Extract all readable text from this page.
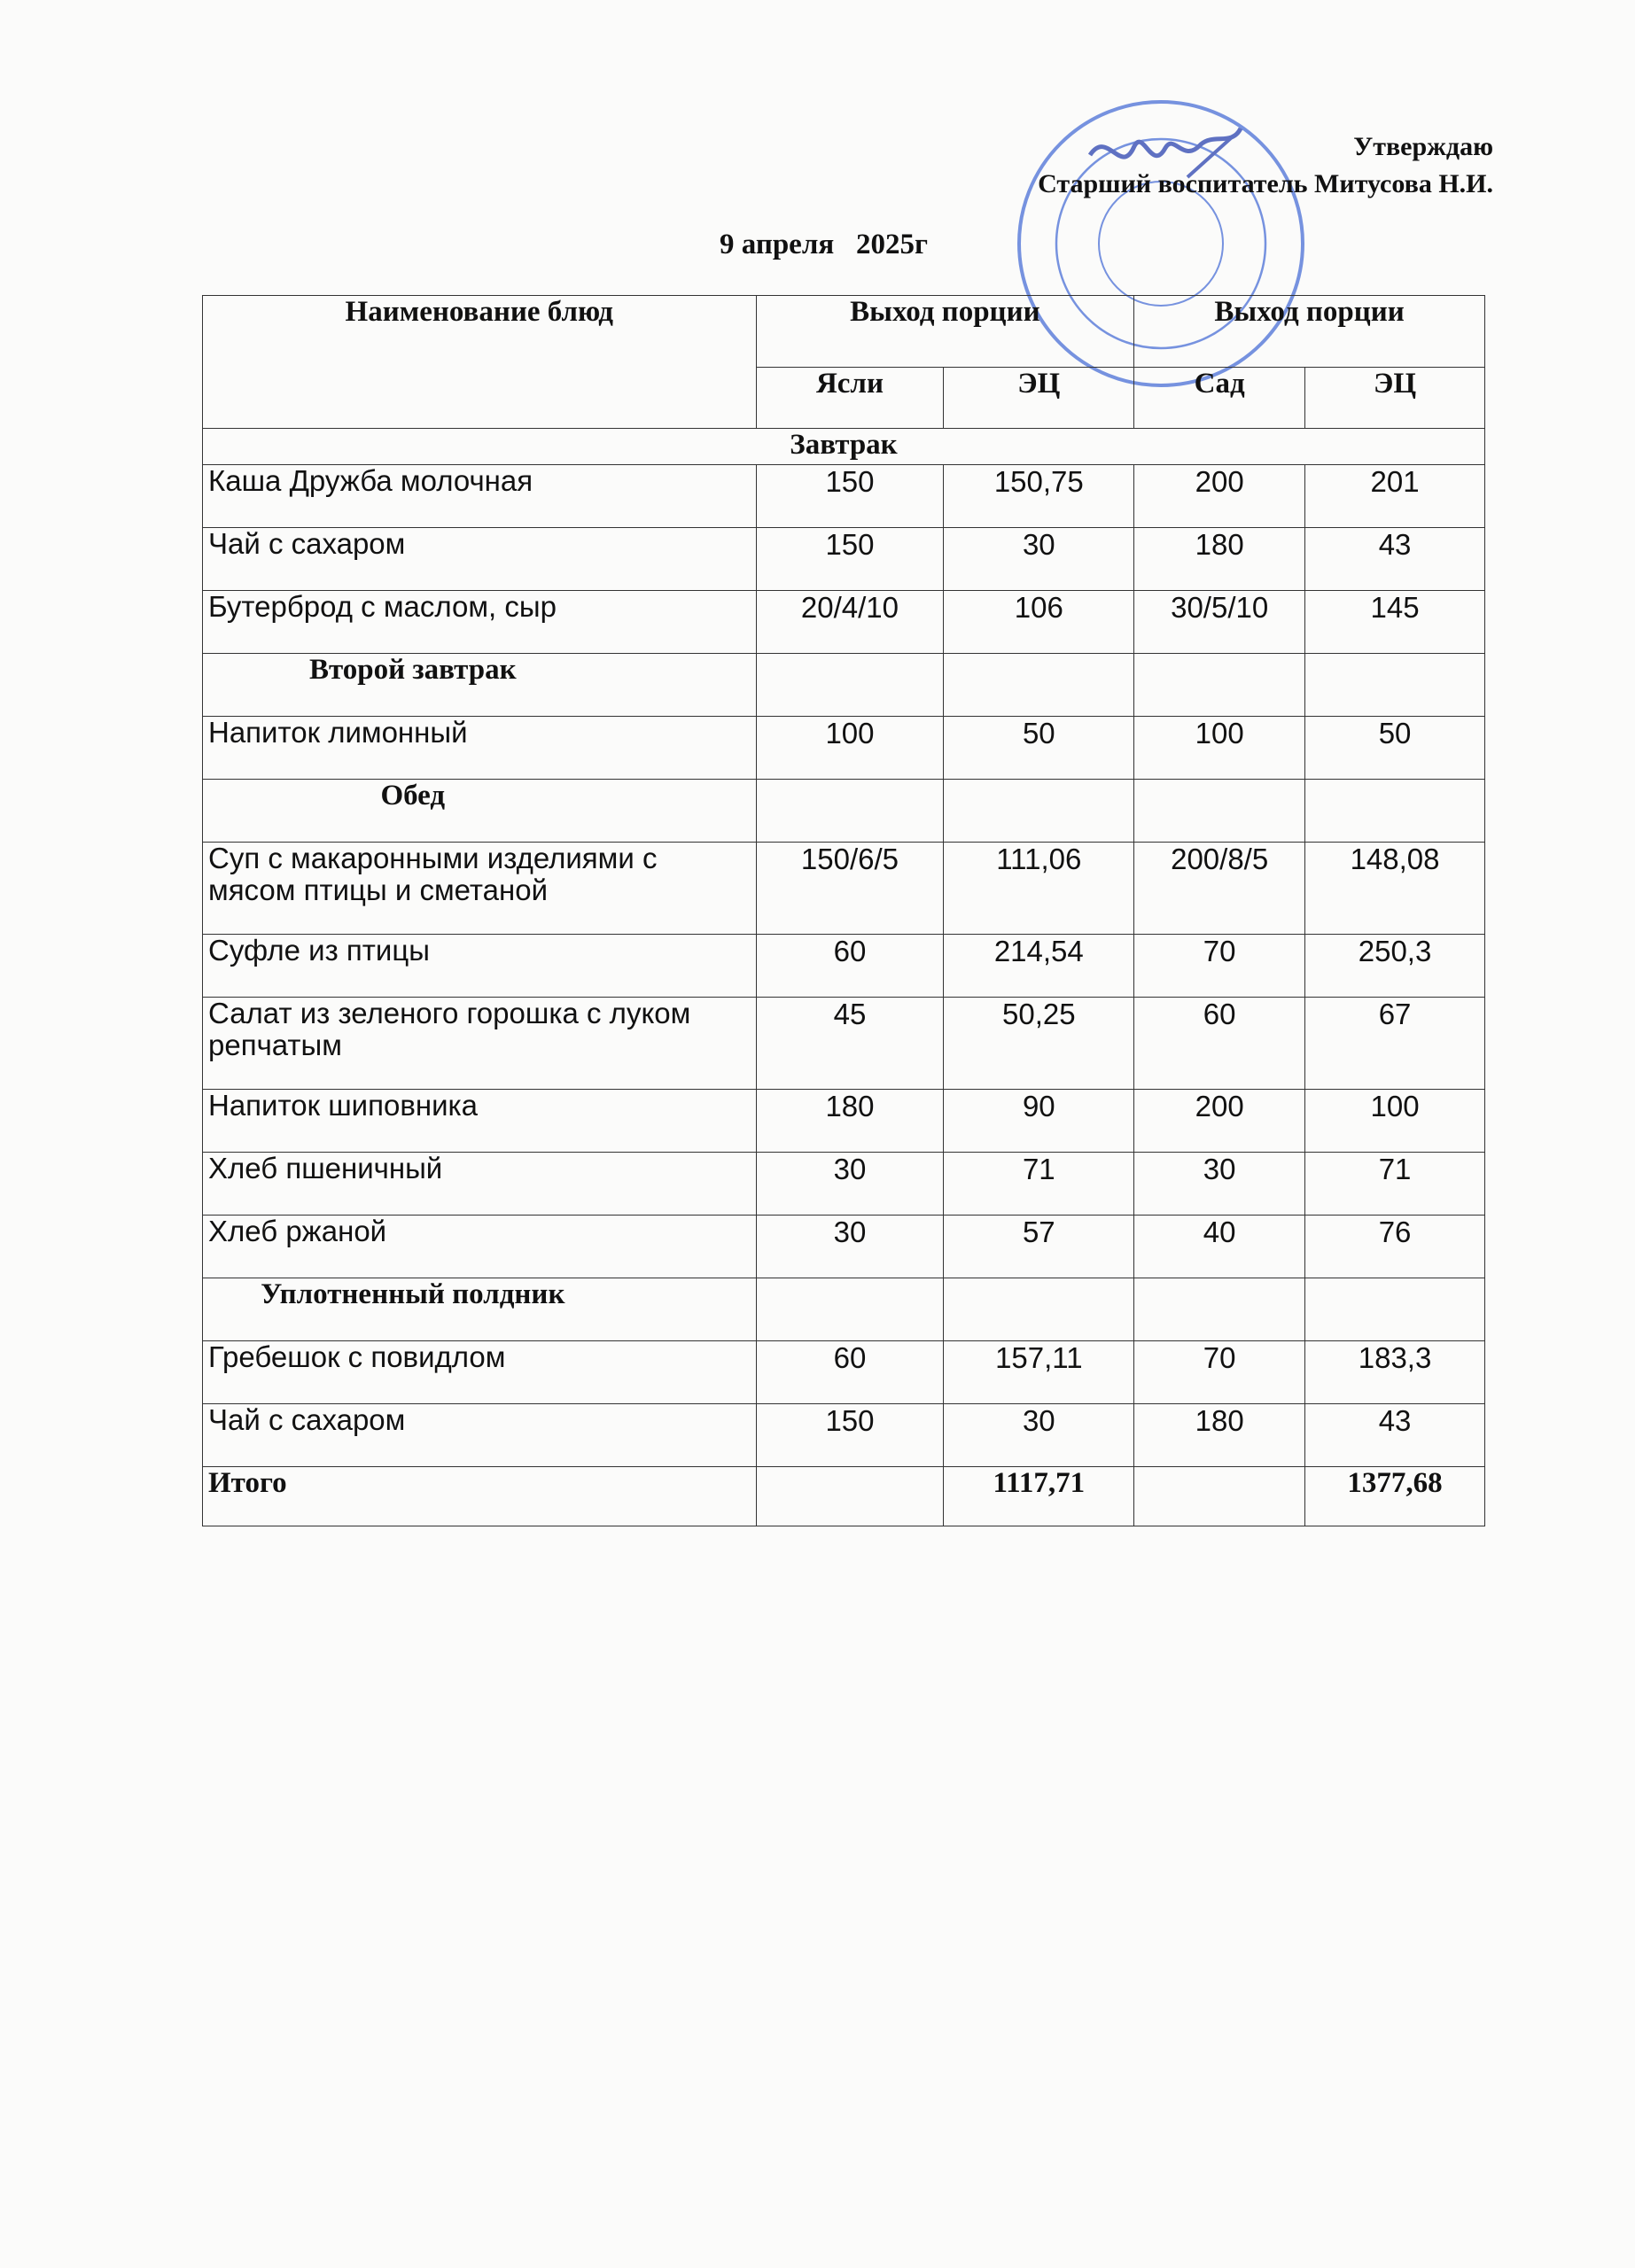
Утверждаю
Старший воспитатель Митусова Н.И.
9 апреля   2025г
Наименование блюд	Выход порции		Выход порции	
	Ясли	ЭЦ	Сад	ЭЦ
Завтрак				
Каша Дружба молочная	150	150,75	200	201
Чай с сахаром	150	30	180	43
Бутерброд с маслом, сыр	20/4/10	106	30/5/10	145
Второй завтрак				
Напиток лимонный	100	50	100	50
Обед				
Суп с макаронными изделиями с мясом птицы и сметаной	150/6/5	111,06	200/8/5	148,08
Суфле из птицы	60	214,54	70	250,3
Салат из зеленого горошка с луком репчатым	45	50,25	60	67
Напиток шиповника	180	90	200	100
Хлеб пшеничный	30	71	30	71
Хлеб ржаной	30	57	40	76
Уплотненный полдник				
Гребешок с повидлом	60	157,11	70	183,3
Чай с сахаром	150	30	180	43
Итого		1117,71		1377,68
